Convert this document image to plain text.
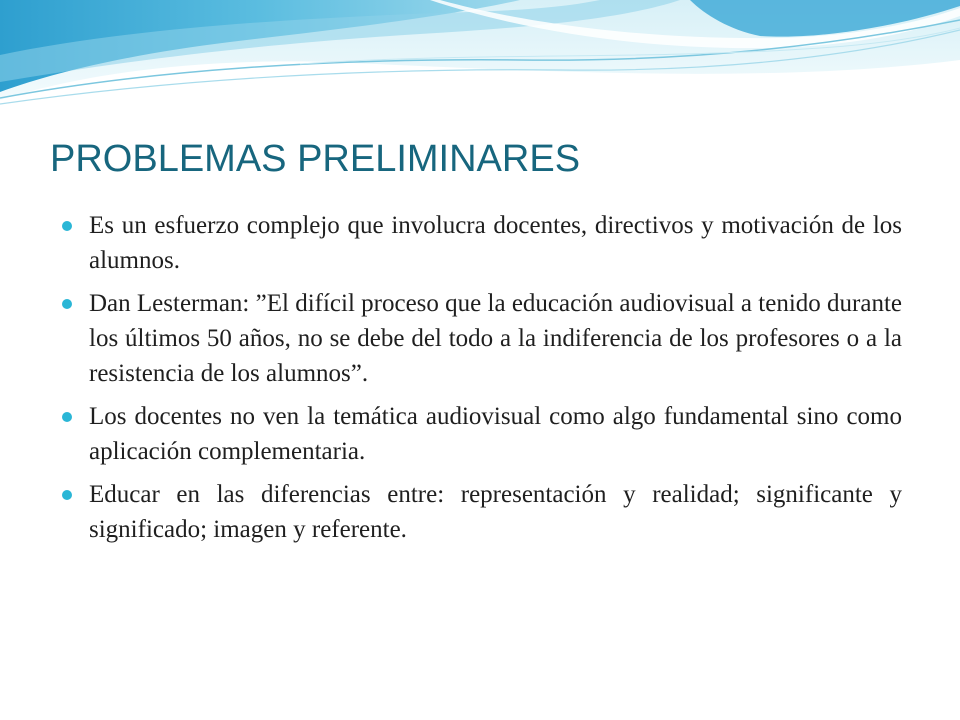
PROBLEMAS PRELIMINARES
Es un esfuerzo complejo que involucra docentes, directivos y motivación de los alumnos.
Dan Lesterman: ”El difícil proceso que la educación audiovisual a tenido durante los últimos 50 años, no se debe del todo a la indiferencia de los profesores o a la resistencia de los alumnos”.
Los docentes no ven la temática audiovisual como algo fundamental sino como aplicación complementaria.
Educar en las diferencias entre: representación y realidad; significante y significado; imagen y referente.
